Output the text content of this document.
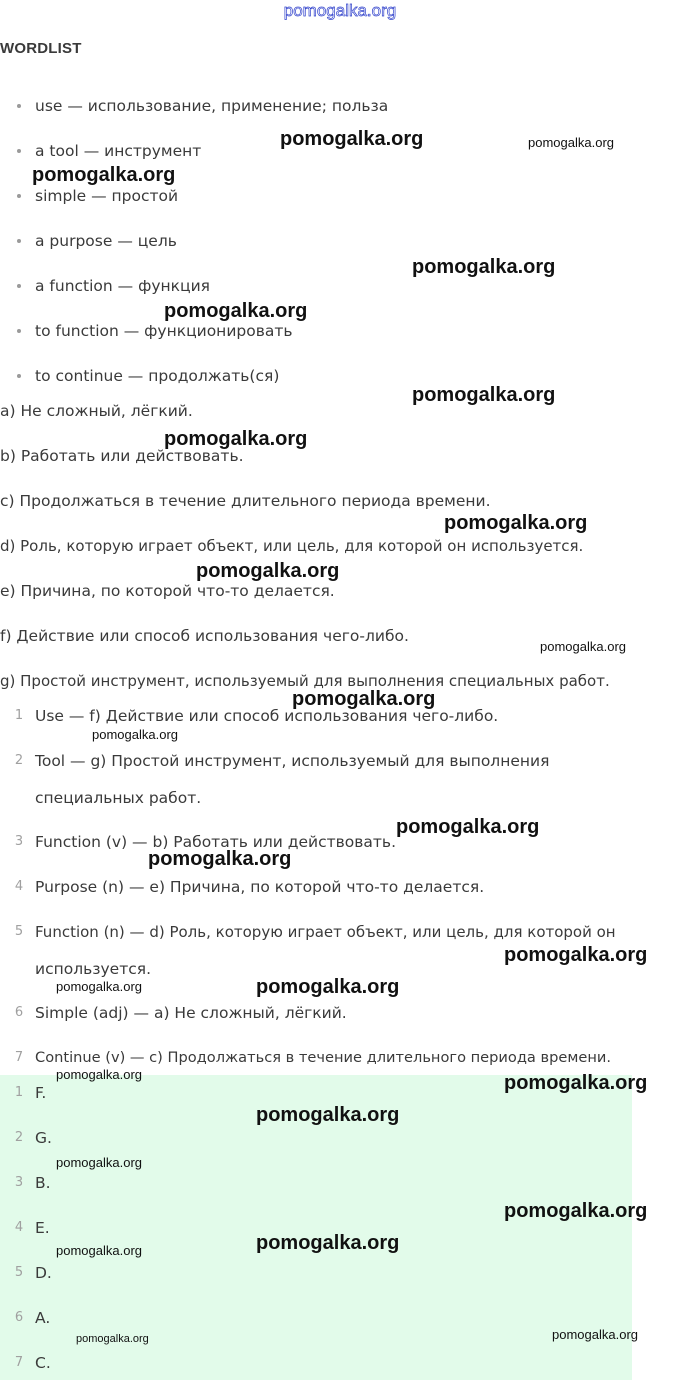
pomogalka.org
WORDLIST
use — использование, применение; польза
a tool — инструмент
simple — простой
a purpose — цель
a function — функция
to function — функционировать
to continue — продолжать(ся)
a) Не сложный, лёгкий.
b) Работать или действовать.
c) Продолжаться в течение длительного периода времени.
d) Роль, которую играет объект, или цель, для которой он используется.
e) Причина, по которой что-то делается.
f) Действие или способ использования чего-либо.
g) Простой инструмент, используемый для выполнения специальных работ.
1 Use — f) Действие или способ использования чего-либо.
2 Tool — g) Простой инструмент, используемый для выполнения
специальных работ.
3 Function (v) — b) Работать или действовать.
4 Purpose (n) — e) Причина, по которой что-то делается.
5 Function (n) — d) Роль, которую играет объект, или цель, для которой он
используется.
6 Simple (adj) — a) Не сложный, лёгкий.
7 Continue (v) — c) Продолжаться в течение длительного периода времени.
1 F.
2 G.
3 B.
4 E.
5 D.
6 A.
7 C.
pomogalka.org	pomogalka.org
pomogalka.org
pomogalka.org
pomogalka.org
pomogalka.org
pomogalka.org
pomogalka.org
pomogalka.org
pomogalka.org
pomogalka.org
pomogalka.org
pomogalka.org
pomogalka.org
pomogalka.org
pomogalka.org
pomogalka.org
pomogalka.org	pomogalka.org
pomogalka.org
pomogalka.org
pomogalka.org
pomogalka.org
pomogalka.org
pomogalka.org
pomogalka.org
